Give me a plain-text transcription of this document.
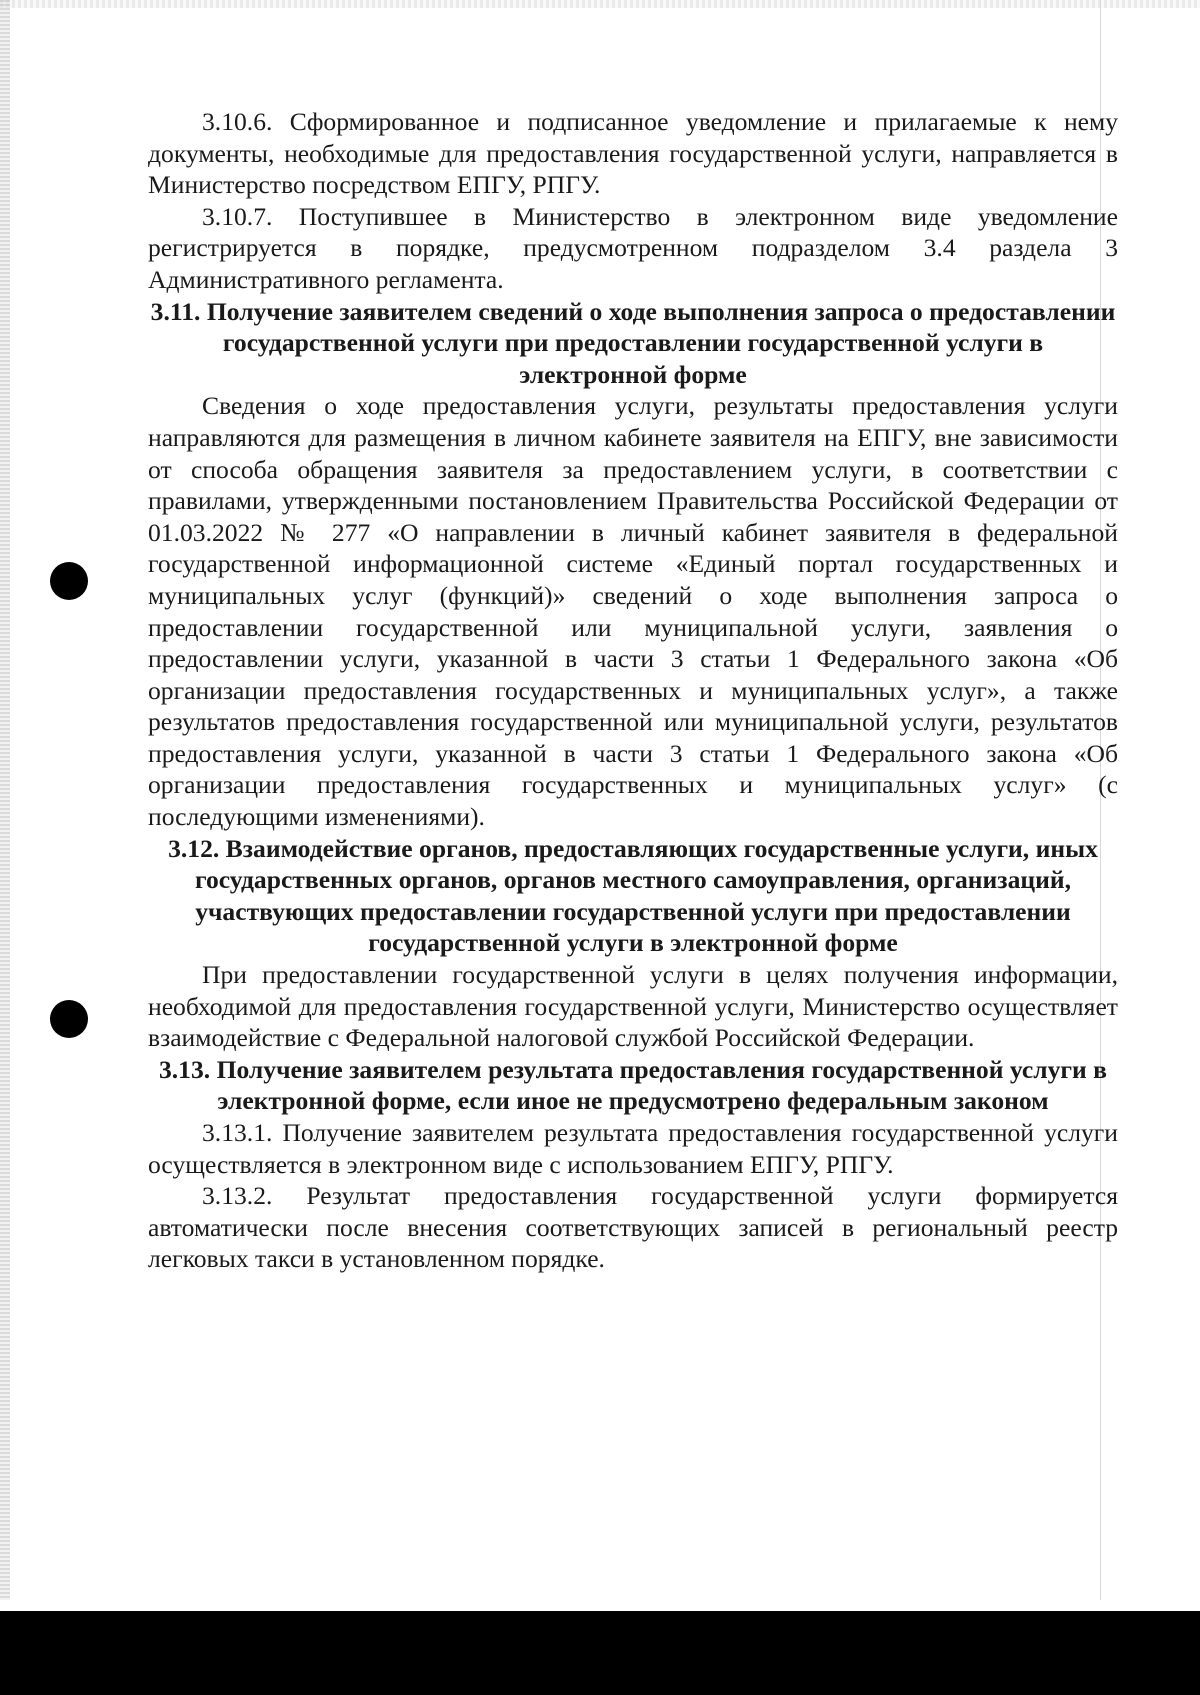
3.10.6. Сформированное и подписанное уведомление и прилагаемые к нему документы, необходимые для предоставления государственной услуги, направляется в Министерство посредством ЕПГУ, РПГУ.

3.10.7. Поступившее в Министерство в электронном виде уведомление регистрируется в порядке, предусмотренном подразделом 3.4 раздела 3 Административного регламента.

3.11. Получение заявителем сведений о ходе выполнения запроса о предоставлении государственной услуги при предоставлении государственной услуги в электронной форме

Сведения о ходе предоставления услуги, результаты предоставления услуги направляются для размещения в личном кабинете заявителя на ЕПГУ, вне зависимости от способа обращения заявителя за предоставлением услуги, в соответствии с правилами, утвержденными постановлением Правительства Российской Федерации от 01.03.2022 № 277 «О направлении в личный кабинет заявителя в федеральной государственной информационной системе «Единый портал государственных и муниципальных услуг (функций)» сведений о ходе выполнения запроса о предоставлении государственной или муниципальной услуги, заявления о предоставлении услуги, указанной в части 3 статьи 1 Федерального закона «Об организации предоставления государственных и муниципальных услуг», а также результатов предоставления государственной или муниципальной услуги, результатов предоставления услуги, указанной в части 3 статьи 1 Федерального закона «Об организации предоставления государственных и муниципальных услуг» (с последующими изменениями).

3.12. Взаимодействие органов, предоставляющих государственные услуги, иных государственных органов, органов местного самоуправления, организаций, участвующих предоставлении государственной услуги при предоставлении государственной услуги в электронной форме

При предоставлении государственной услуги в целях получения информации, необходимой для предоставления государственной услуги, Министерство осуществляет взаимодействие с Федеральной налоговой службой Российской Федерации.

3.13. Получение заявителем результата предоставления государственной услуги в электронной форме, если иное не предусмотрено федеральным законом

3.13.1. Получение заявителем результата предоставления государственной услуги осуществляется в электронном виде с использованием ЕПГУ, РПГУ.

3.13.2. Результат предоставления государственной услуги формируется автоматически после внесения соответствующих записей в региональный реестр легковых такси в установленном порядке.
